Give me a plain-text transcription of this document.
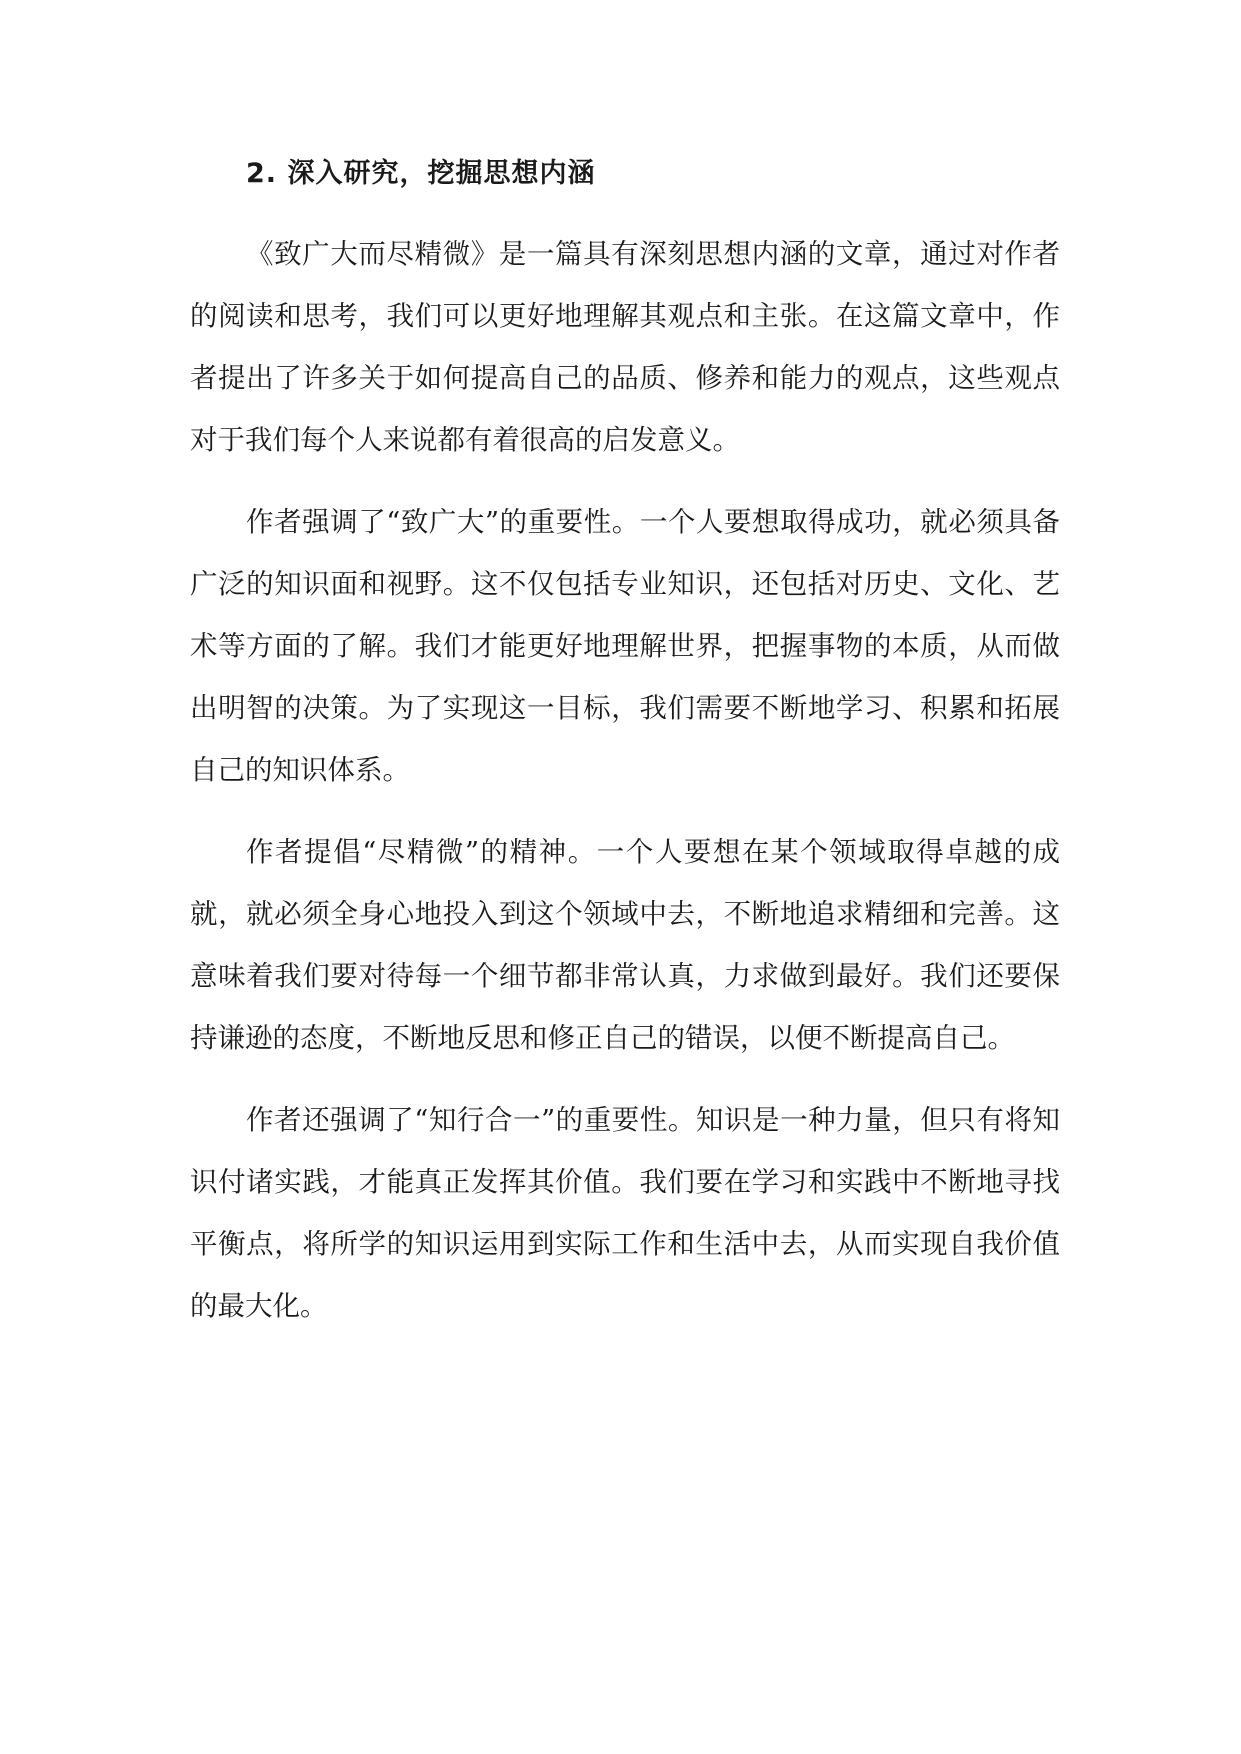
2. 深入研究，挖掘思想内涵

《致广大而尽精微》是一篇具有深刻思想内涵的文章，通过对作者的阅读和思考，我们可以更好地理解其观点和主张。在这篇文章中，作者提出了许多关于如何提高自己的品质、修养和能力的观点，这些观点对于我们每个人来说都有着很高的启发意义。

作者强调了“致广大”的重要性。一个人要想取得成功，就必须具备广泛的知识面和视野。这不仅包括专业知识，还包括对历史、文化、艺术等方面的了解。我们才能更好地理解世界，把握事物的本质，从而做出明智的决策。为了实现这一目标，我们需要不断地学习、积累和拓展自己的知识体系。

作者提倡“尽精微”的精神。一个人要想在某个领域取得卓越的成就，就必须全身心地投入到这个领域中去，不断地追求精细和完善。这意味着我们要对待每一个细节都非常认真，力求做到最好。我们还要保持谦逊的态度，不断地反思和修正自己的错误，以便不断提高自己。

作者还强调了“知行合一”的重要性。知识是一种力量，但只有将知识付诸实践，才能真正发挥其价值。我们要在学习和实践中不断地寻找平衡点，将所学的知识运用到实际工作和生活中去，从而实现自我价值的最大化。
